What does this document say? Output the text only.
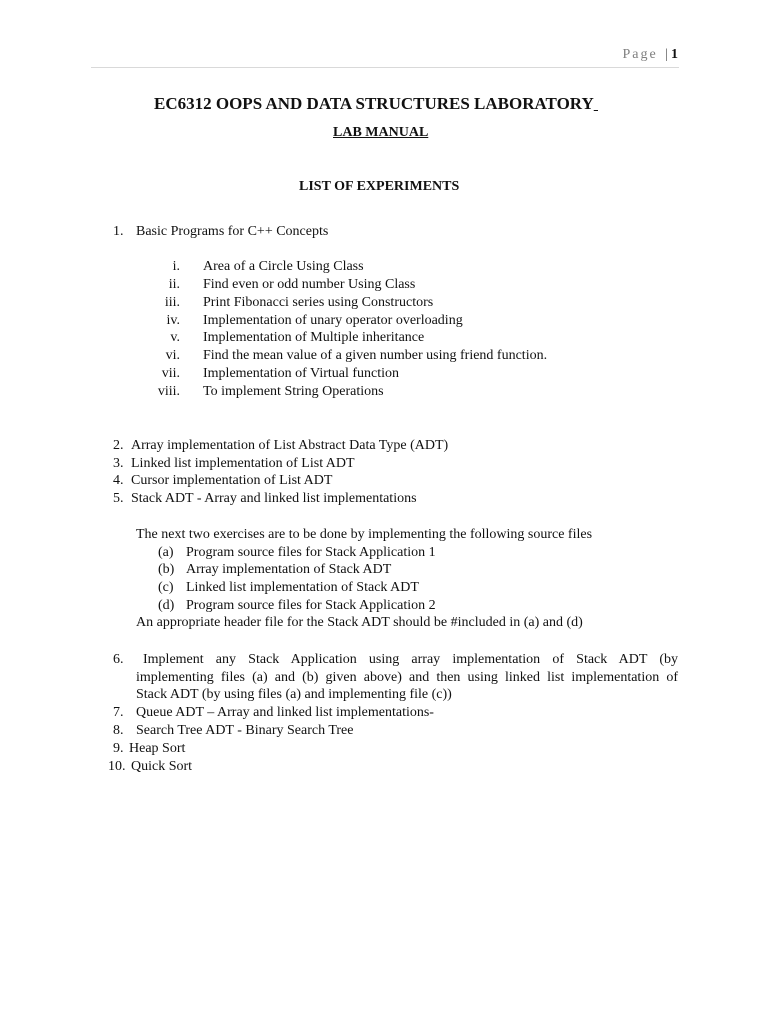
Page | 1
EC6312 OOPS AND DATA STRUCTURES LABORATORY
LAB MANUAL
LIST OF EXPERIMENTS
1. Basic Programs for C++ Concepts
i. Area of a Circle Using Class
ii. Find even or odd number Using Class
iii. Print Fibonacci series using Constructors
iv. Implementation of unary operator overloading
v. Implementation of Multiple inheritance
vi. Find the mean value of a given number using friend function.
vii. Implementation of Virtual function
viii. To implement String Operations
2. Array implementation of List Abstract Data Type (ADT)
3. Linked list implementation of List ADT
4. Cursor implementation of List ADT
5. Stack ADT - Array and linked list implementations
The next two exercises are to be done by implementing the following source files
(a) Program source files for Stack Application 1
(b) Array implementation of Stack ADT
(c) Linked list implementation of Stack ADT
(d) Program source files for Stack Application 2
An appropriate header file for the Stack ADT should be #included in (a) and (d)
6. Implement any Stack Application using array implementation of Stack ADT (by
implementing files (a) and (b) given above) and then using linked list implementation of
Stack ADT (by using files (a) and implementing file (c))
7. Queue ADT – Array and linked list implementations-
8. Search Tree ADT - Binary Search Tree
9. Heap Sort
10. Quick Sort
